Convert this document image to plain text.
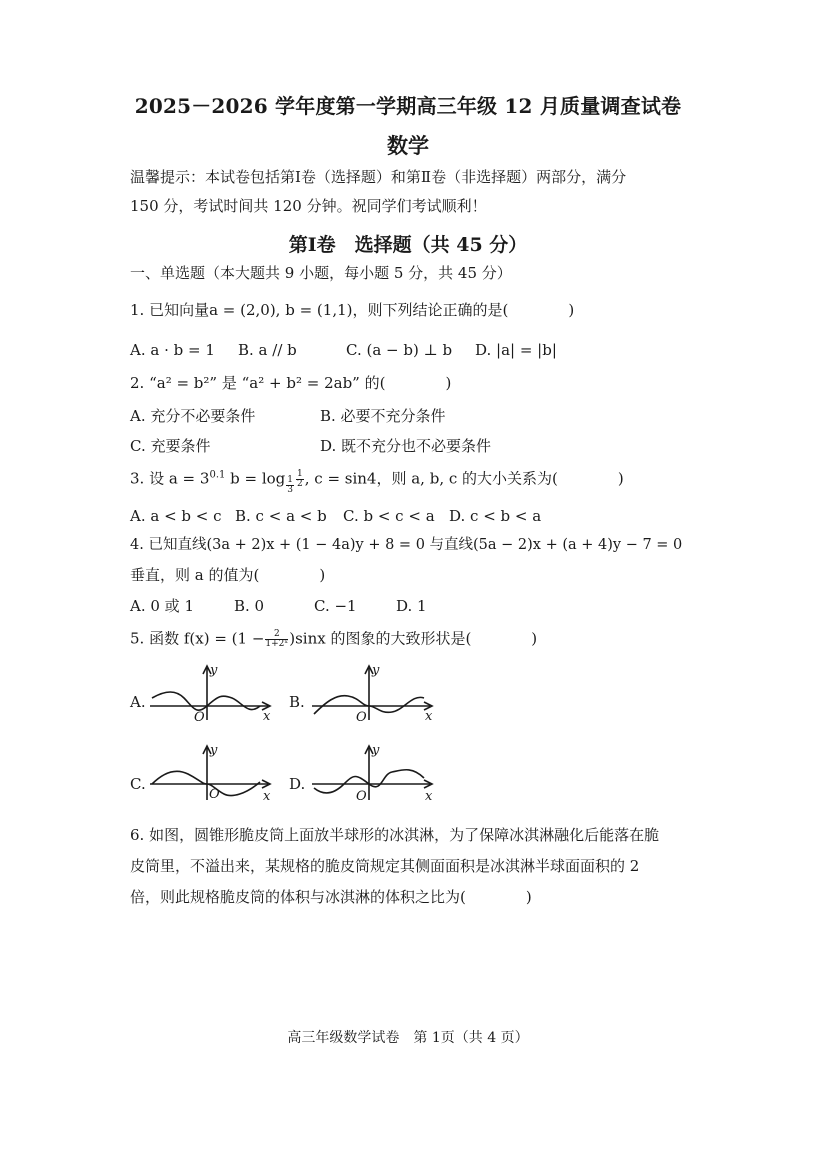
2025－2026 学年度第一学期高三年级 12 月质量调查试卷
数学
温馨提示：本试卷包括第Ⅰ卷（选择题）和第Ⅱ卷（非选择题）两部分，满分
150 分，考试时间共 120 分钟。祝同学们考试顺利！
第Ⅰ卷　选择题（共 45 分）
一、单选题（本大题共 9 小题，每小题 5 分，共 45 分）
1. 已知向量a = (2,0), b = (1,1)，则下列结论正确的是(　　　　)
A. a · b = 1 B. a // b	C. (a − b) ⊥ b D. |a| = |b|
2. “a² = b²” 是 “a² + b² = 2ab” 的(　　　　)
A. 充分不必要条件	B. 必要不充分条件
C. 充要条件	D. 既不充分也不必要条件
3. 设 $a = 3^{0.1}$ $b = \log \frac{1}{3} \frac{1}{2}$ , c = sin4，则 a, b, c 的大小关系为(　　　　)
A. a < b < c B. c < a < b C. b < c < a D. c < b < a
4. 已知直线(3a + 2)x + (1 − 4a)y + 8 = 0 与直线(5a − 2)x + (a + 4)y − 7 = 0
垂直，则 a 的值为(　　　　)
A. 0 或 1	B. 0	C. −1	D. 1
5. 函数 $f(x) = (1 - \frac{2}{\text{1+2ˣ}} )\sin x$ 的图象的大致形状是(　　　　)
A.	B.
C.	D.
y
x
O
y
x
O
y
x
O
y
x
O
6. 如图，圆锥形脆皮筒上面放半球形的冰淇淋，为了保障冰淇淋融化后能落在脆
皮筒里，不溢出来，某规格的脆皮筒规定其侧面面积是冰淇淋半球面面积的 2
倍，则此规格脆皮筒的体积与冰淇淋的体积之比为(　　　　)
高三年级数学试卷　第 1页（共 4 页）
